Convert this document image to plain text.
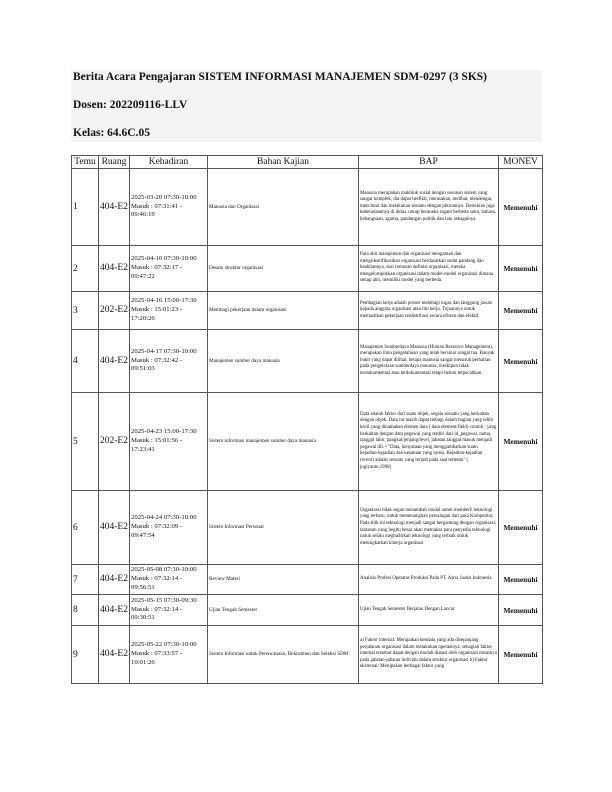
Berita Acara Pengajaran SISTEM INFORMASI MANAJEMEN SDM-0297 (3 SKS)
Dosen: 202209116-LLV
Kelas: 64.6C.05
Temu	Ruang	Kehadiran	Bahan Kajian	BAP	MONEV
1	404-E2	2025-03-20 07:30-10:00 Masuk : 07:31:41 - 09:46:19	Manusia dan Organisasi	Manusia merupakan makhluk sosial dengan susunan sistem yang sangat komplek, dia dapat berfikir, merasakan, melihat, mendengar, mencintai dan melakukan sesuatu dengan pikirannya. Demikian juga keberadaannya di dunia cukup beraneka ragam berbeda suku, bahasa, kebangsaan, agama, pandangan politik dan lain sebagainya	Memenuhi
2	404-E2	2025-04-10 07:30-10:00 Masuk : 07:32:17 - 09:47:22	Desain struktur organisasi	Para ahli manajemen dan organisasi mengamati dan mengidentifikasikan organisasi berdasarkan sudut pandang dan keahliannya, dari rumusan definisi organisasi, mereka mengelompokkan organisasi dalam model-model organisasi dimana setiap ahli, memiliki model yang berbeda.	Memenuhi
3	202-E2	2025-04-16 15:00-17:30 Masuk : 15:01:23 - 17:20:26	Membagi pekerjaan dalam organisasi	Pembagian kerja adalah proses membagi tugas dan tanggung jawab kepada anggota organisasi atau tim kerja. Tujuannya untuk memastikan pekerjaan terdistribusi secara efisien dan efektif.	Memenuhi
4	404-E2	2025-04-17 07:30-10:00 Masuk : 07:32:42 - 09:51:03	Manajemen sumber daya manusia	Manajemen Sumberdaya Manusia (Human Resource Management), merupakan ilmu pengetahuan yang telah bersinar sangat tua. Banyak bukti yang dapat dilihat, betapa manusia sangat menaruh perhatian pada pengelolaan sumberdaya manusia, meskipun tidak terdokumentasi atau terdokumentasi tetapi belum terpecahkan.	Memenuhi
5	202-E2	2025-04-23 15:00-17:30 Masuk : 15:01:56 - 17:23:41	Sistem informasi manajemen sumber daya manusia	Data adalah faktor dari suatu objek, segala sesuatu yang berkaitan dengan objek. Data ini masih dapat terbagi dalam bagian yang lebih kecil yang dinamakan elemen data ( data element/field) contoh : yang berkaitan dengan data pegawai yang terdiri dari id_pegawai, nama, tanggal lahir, pangkat/jenjang/level, jabatan,tanggal masuk menjadi pegawai dll. • "Data, kenyataan yang menggambarkan suatu kejadian-kejadian dan kesatuan yang nyata. Kejadian-kejadian (event) adalah sesuatu yang terjadi pada saat tertentu" ( jogiyanto,1990)	Memenuhi
6	404-E2	2025-04-24 07:30-10:00 Masuk : 07:32:09 - 09:47:54	Sistem Informasi Personal	Organisasi tidak segan menambah modal untuk memberli teknologi yang terbaru, untuk memenangkan persaingan dari para Kompetitor. Pada titik ini teknologi menjadi sangat bergantung dengan organisasi, tantanan yang begitu besar akan memaksa para penyedia teknologi untuk selalu meghadirkan teknologi yang terbaik untuk meningkatkan kinerja organisasi	Memenuhi
7	404-E2	2025-05-08 07:30-10:00 Masuk : 07:32:14 - 09:56:51	Review Materi	Analisis Profesi Operator Produksi Pada PT. Astra Juoku Indonesia	Memenuhi
8	404-E2	2025-05-15 07:30-09:30 Masuk : 07:32:14 - 09:30:51	Ujian Tengah Semester	Ujian Tengah Semester Berjalan Dengan Lancar	Memenuhi
9	404-E2	2025-05-22 07:30-10:00 Masuk : 07:33:57 - 10:01:26	Sistem Informasi untuk Perencanaan, Rekrutmen dan Seleksi SDM	a) Faktor internal: Merupakan kendala yang ada disepanjang perjalanan organisasi dalam melakukan operasinya, sebagian faktor internal tersebut dapat dengan mudah diatasi oleh organisasi misalnya pada jabatan-jabatan individu dalam struktur organisasi b) Faktor eksternal: Merupakan berbagai faktor yang	Memenuhi
